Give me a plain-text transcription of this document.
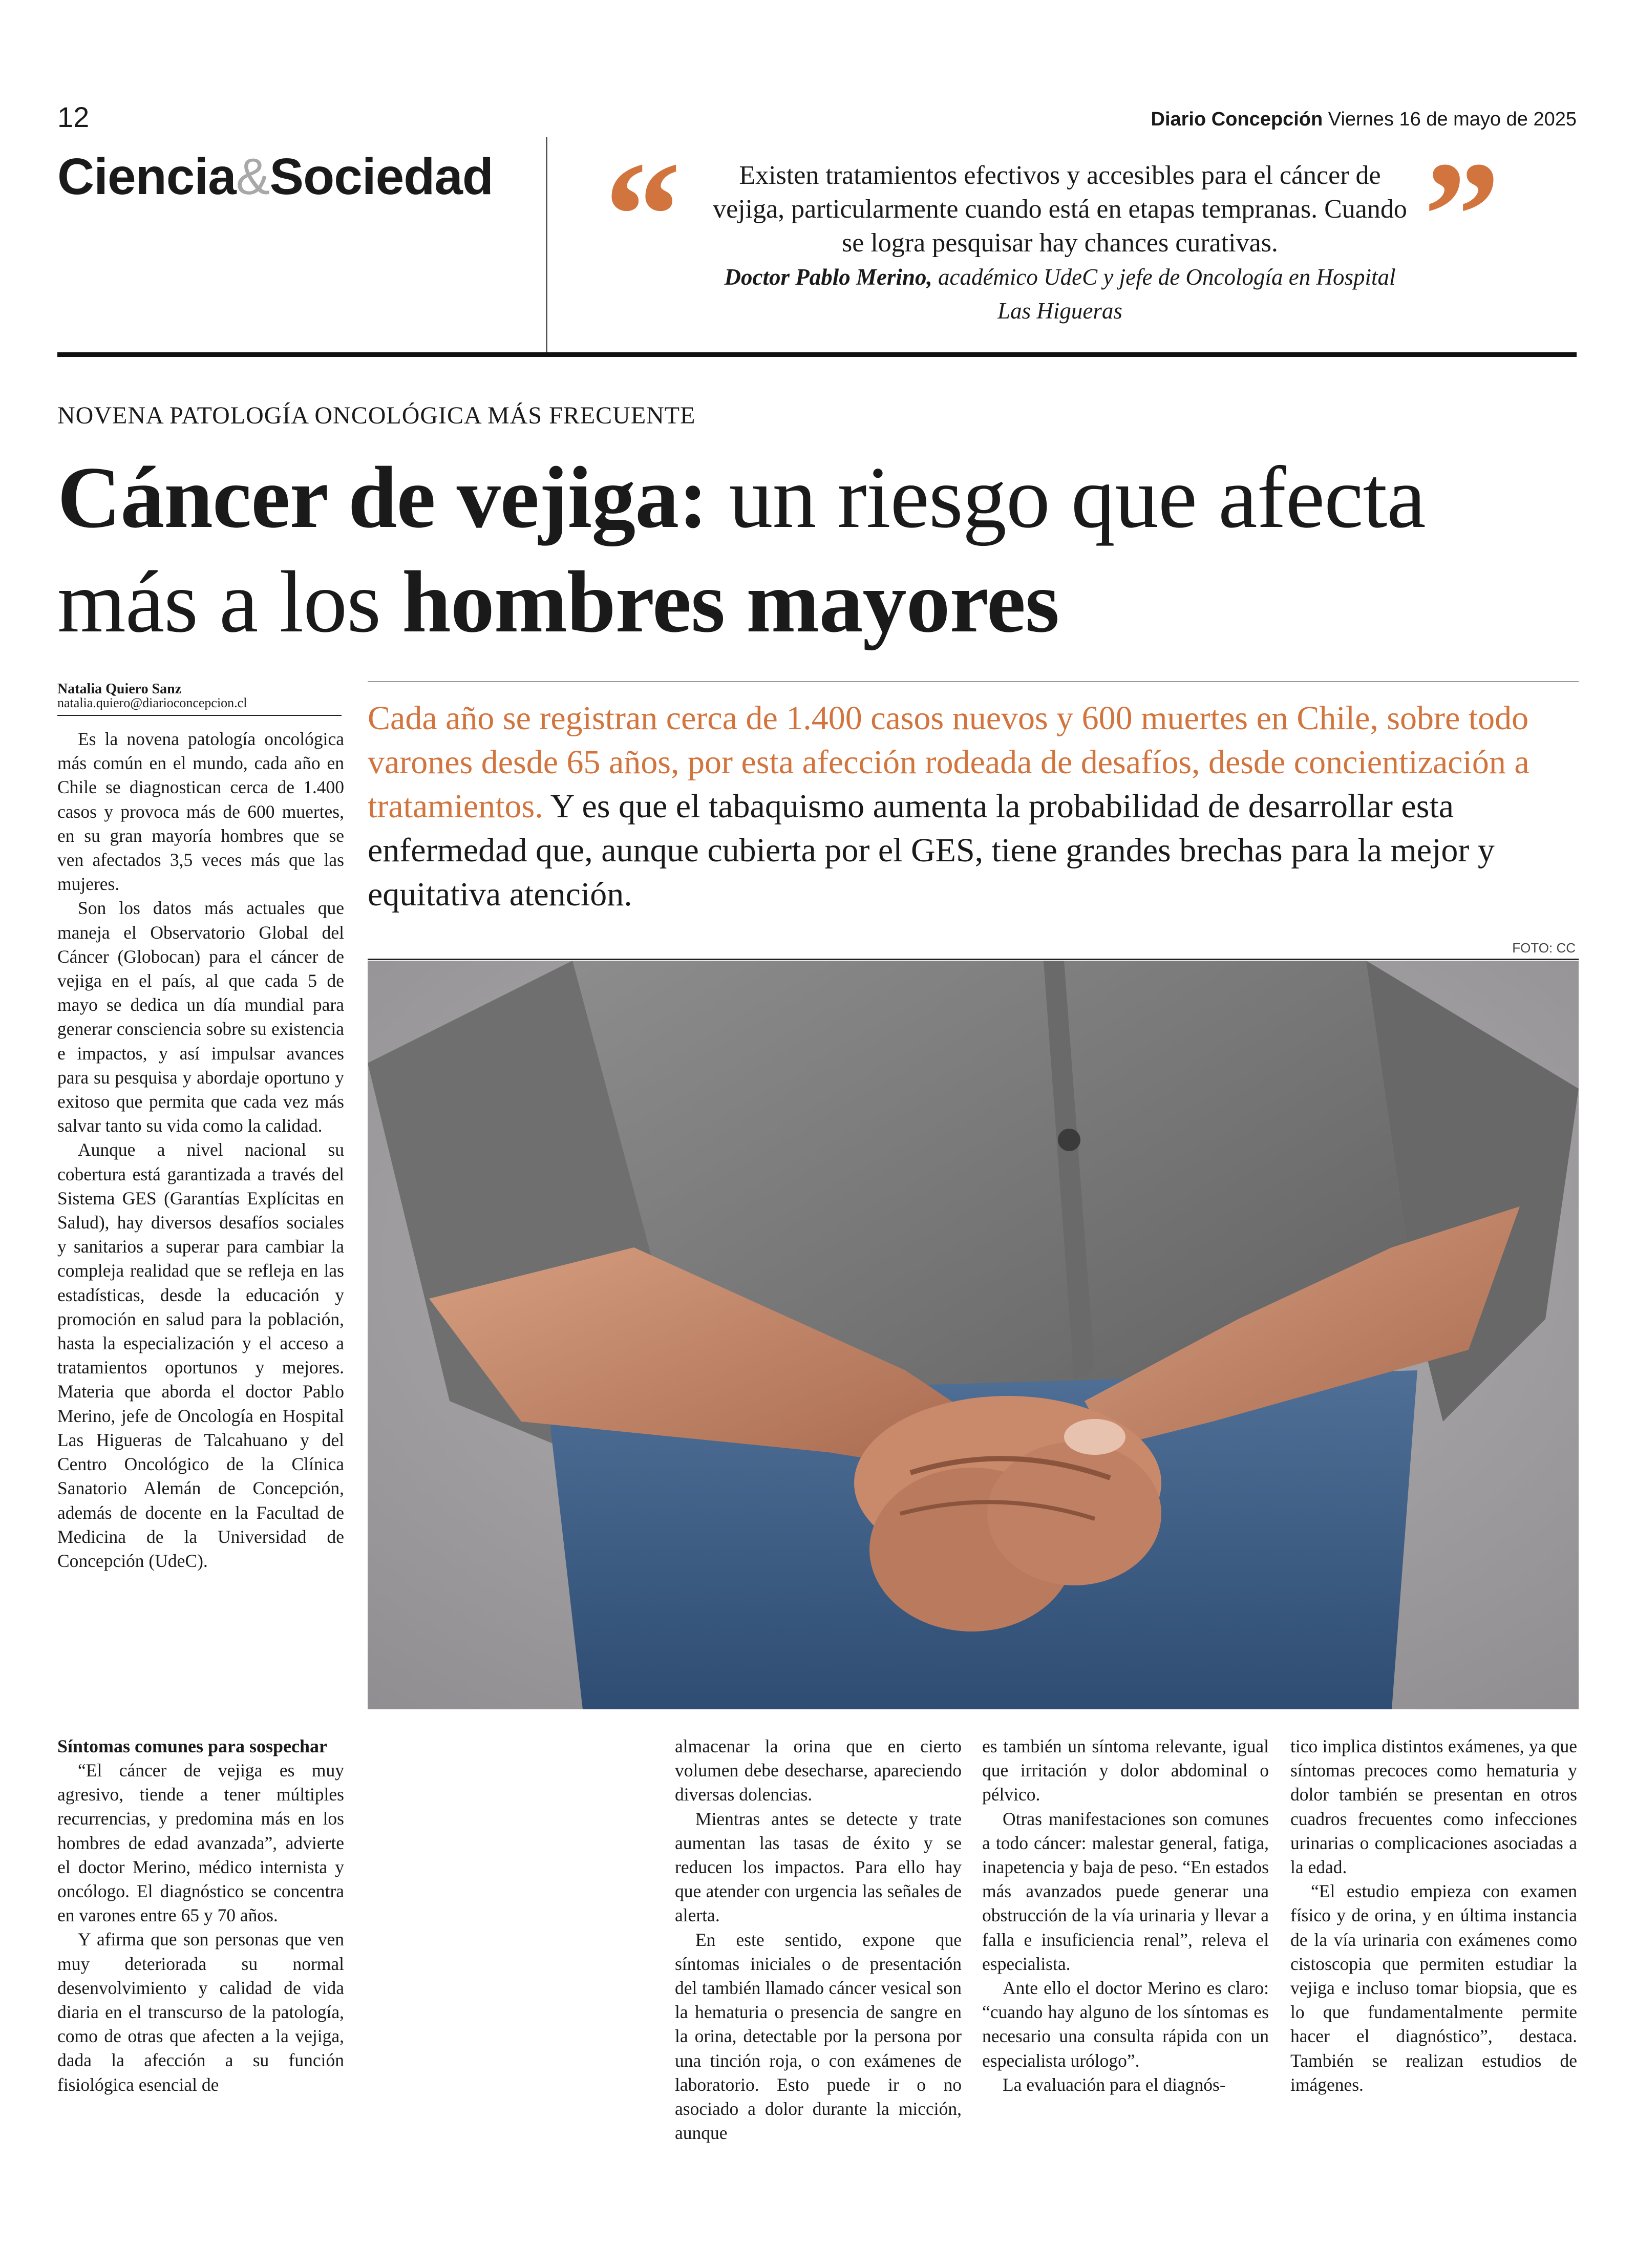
12	Diario Concepción Viernes 16 de mayo de 2025
Ciencia&Sociedad “	Existen tratamientos efectivos y accesibles para el cáncer de vejiga, particularmente cuando está en etapas tempranas. Cuando se logra pesquisar hay chances curativas.
Doctor Pablo Merino, académico UdeC y jefe de Oncología en Hospital Las Higueras
”
NOVENA PATOLOGÍA ONCOLÓGICA MÁS FRECUENTE
Cáncer de vejiga: un riesgo que afecta más a los hombres mayores
Natalia Quiero Sanz
natalia.quiero@diarioconcepcion.cl	Cada año se registran cerca de 1.400 casos nuevos y 600 muertes en Chile, sobre todo varones desde 65 años, por esta afección rodeada de desafíos, desde concientización a tratamientos. Y es que el tabaquismo aumenta la probabilidad de desarrollar esta enfermedad que, aunque cubierta por el GES, tiene grandes brechas para la mejor y equitativa atención.
FOTO: CC

Es la novena patología oncológica más común en el mundo, cada año en Chile se diagnostican cerca de 1.400 casos y provoca más de 600 muertes, en su gran mayoría hombres que se ven afectados 3,5 veces más que las mujeres.

Son los datos más actuales que maneja el Observatorio Global del Cáncer (Globocan) para el cáncer de vejiga en el país, al que cada 5 de mayo se dedica un día mundial para generar consciencia sobre su existencia e impactos, y así impulsar avances para su pesquisa y abordaje oportuno y exitoso que permita que cada vez más salvar tanto su vida como la calidad.

Aunque a nivel nacional su cobertura está garantizada a través del Sistema GES (Garantías Explícitas en Salud), hay diversos desafíos sociales y sanitarios a superar para cambiar la compleja realidad que se refleja en las estadísticas, desde la educación y promoción en salud para la población, hasta la especialización y el acceso a tratamientos oportunos y mejores. Materia que aborda el doctor Pablo Merino, jefe de Oncología en Hospital Las Higueras de Talcahuano y del Centro Oncológico de la Clínica Sanatorio Alemán de Concepción, además de docente en la Facultad de Medicina de la Universidad de Concepción (UdeC).

Síntomas comunes para sospechar

“El cáncer de vejiga es muy agresivo, tiende a tener múltiples recurrencias, y predomina más en los hombres de edad avanzada”, advierte el doctor Merino, médico internista y oncólogo. El diagnóstico se concentra en varones entre 65 y 70 años.

Y afirma que son personas que ven muy deteriorada su normal desenvolvimiento y calidad de vida diaria en el transcurso de la patología, como de otras que afecten a la vejiga, dada la afección a su función fisiológica esencial de

almacenar la orina que en cierto volumen debe desecharse, apareciendo diversas dolencias.

Mientras antes se detecte y trate aumentan las tasas de éxito y se reducen los impactos. Para ello hay que atender con urgencia las señales de alerta.

En este sentido, expone que síntomas iniciales o de presentación del también llamado cáncer vesical son la hematuria o presencia de sangre en la orina, detectable por la persona por una tinción roja, o con exámenes de laboratorio. Esto puede ir o no asociado a dolor durante la micción, aunque

es también un síntoma relevante, igual que irritación y dolor abdominal o pélvico.

Otras manifestaciones son comunes a todo cáncer: malestar general, fatiga, inapetencia y baja de peso. “En estados más avanzados puede generar una obstrucción de la vía urinaria y llevar a falla e insuficiencia renal”, releva el especialista.

Ante ello el doctor Merino es claro: “cuando hay alguno de los síntomas es necesario una consulta rápida con un especialista urólogo”.

La evaluación para el diagnós-

tico implica distintos exámenes, ya que síntomas precoces como hematuria y dolor también se presentan en otros cuadros frecuentes como infecciones urinarias o complicaciones asociadas a la edad.

“El estudio empieza con examen físico y de orina, y en última instancia de la vía urinaria con exámenes como cistoscopia que permiten estudiar la vejiga e incluso tomar biopsia, que es lo que fundamentalmente permite hacer el diagnóstico”, destaca. También se realizan estudios de imágenes.
